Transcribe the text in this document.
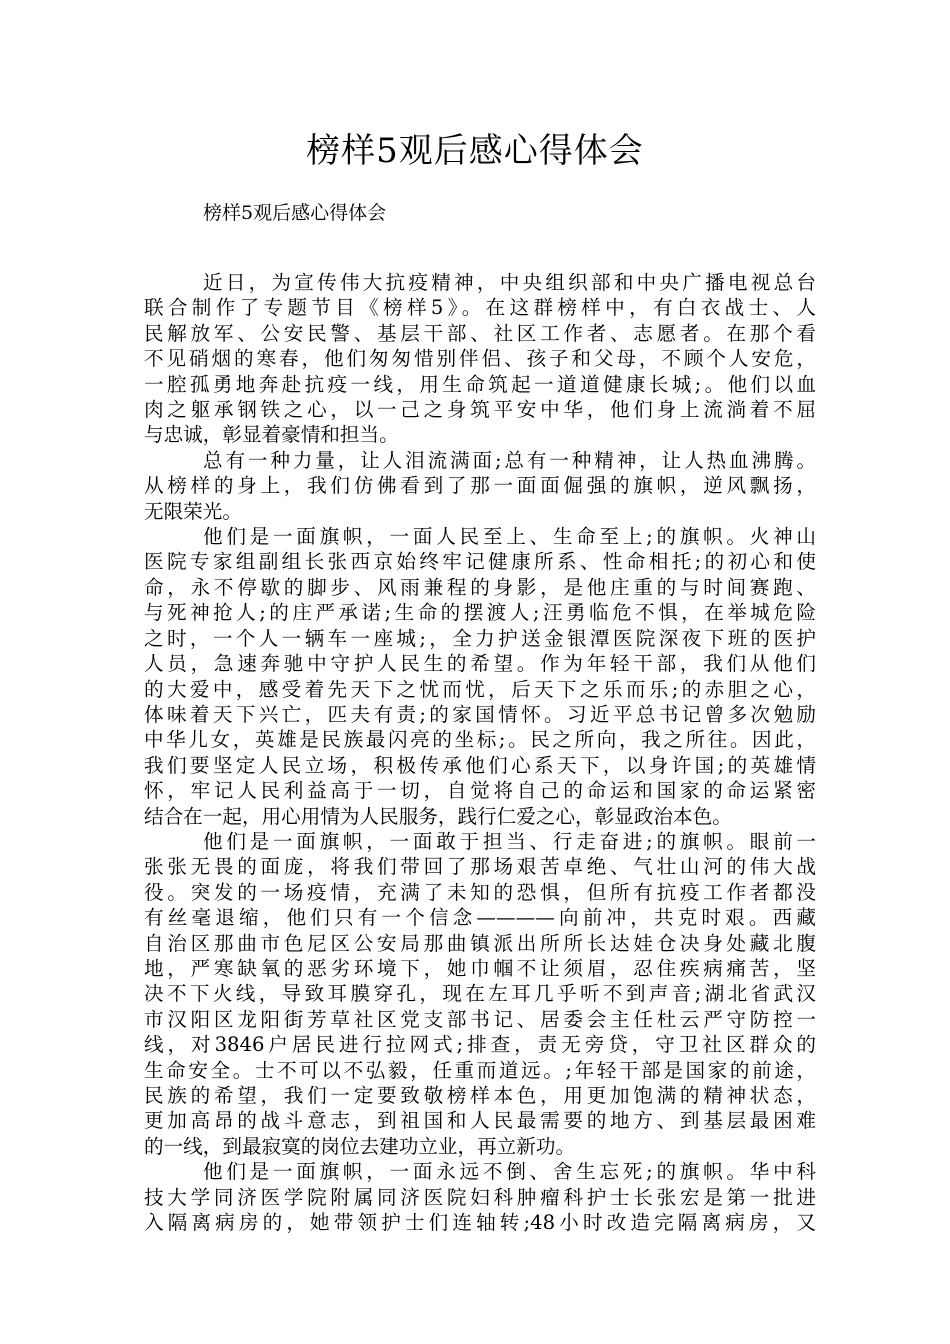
榜样5观后感心得体会
榜样5观后感心得体会
近日，为宣传伟大抗疫精神，中央组织部和中央广播电视总台
联合制作了专题节目《榜样5》。在这群榜样中，有白衣战士、人
民解放军、公安民警、基层干部、社区工作者、志愿者。在那个看
不见硝烟的寒春，他们匆匆惜别伴侣、孩子和父母，不顾个人安危，
一腔孤勇地奔赴抗疫一线，用生命筑起一道道健康长城;。他们以血
肉之躯承钢铁之心，以一己之身筑平安中华，他们身上流淌着不屈
与忠诚，彰显着豪情和担当。
总有一种力量，让人泪流满面;总有一种精神，让人热血沸腾。
从榜样的身上，我们仿佛看到了那一面面倔强的旗帜，逆风飘扬，
无限荣光。
他们是一面旗帜，一面人民至上、生命至上;的旗帜。火神山
医院专家组副组长张西京始终牢记健康所系、性命相托;的初心和使
命，永不停歇的脚步、风雨兼程的身影，是他庄重的与时间赛跑、
与死神抢人;的庄严承诺;生命的摆渡人;汪勇临危不惧，在举城危险
之时，一个人一辆车一座城;，全力护送金银潭医院深夜下班的医护
人员，急速奔驰中守护人民生的希望。作为年轻干部，我们从他们
的大爱中，感受着先天下之忧而忧，后天下之乐而乐;的赤胆之心，
体味着天下兴亡，匹夫有责;的家国情怀。习近平总书记曾多次勉励
中华儿女，英雄是民族最闪亮的坐标;。民之所向，我之所往。因此，
我们要坚定人民立场，积极传承他们心系天下，以身许国;的英雄情
怀，牢记人民利益高于一切，自觉将自己的命运和国家的命运紧密
结合在一起，用心用情为人民服务，践行仁爱之心，彰显政治本色。
他们是一面旗帜，一面敢于担当、行走奋进;的旗帜。眼前一
张张无畏的面庞，将我们带回了那场艰苦卓绝、气壮山河的伟大战
役。突发的一场疫情，充满了未知的恐惧，但所有抗疫工作者都没
有丝毫退缩，他们只有一个信念————向前冲，共克时艰。西藏
自治区那曲市色尼区公安局那曲镇派出所所长达娃仓决身处藏北腹
地，严寒缺氧的恶劣环境下，她巾帼不让须眉，忍住疾病痛苦，坚
决不下火线，导致耳膜穿孔，现在左耳几乎听不到声音;湖北省武汉
市汉阳区龙阳街芳草社区党支部书记、居委会主任杜云严守防控一
线，对3846户居民进行拉网式;排查，责无旁贷，守卫社区群众的
生命安全。士不可以不弘毅，任重而道远。;年轻干部是国家的前途，
民族的希望，我们一定要致敬榜样本色，用更加饱满的精神状态，
更加高昂的战斗意志，到祖国和人民最需要的地方、到基层最困难
的一线，到最寂寞的岗位去建功立业，再立新功。
他们是一面旗帜，一面永远不倒、舍生忘死;的旗帜。华中科
技大学同济医学院附属同济医院妇科肿瘤科护士长张宏是第一批进
入隔离病房的，她带领护士们连轴转;48小时改造完隔离病房，又
